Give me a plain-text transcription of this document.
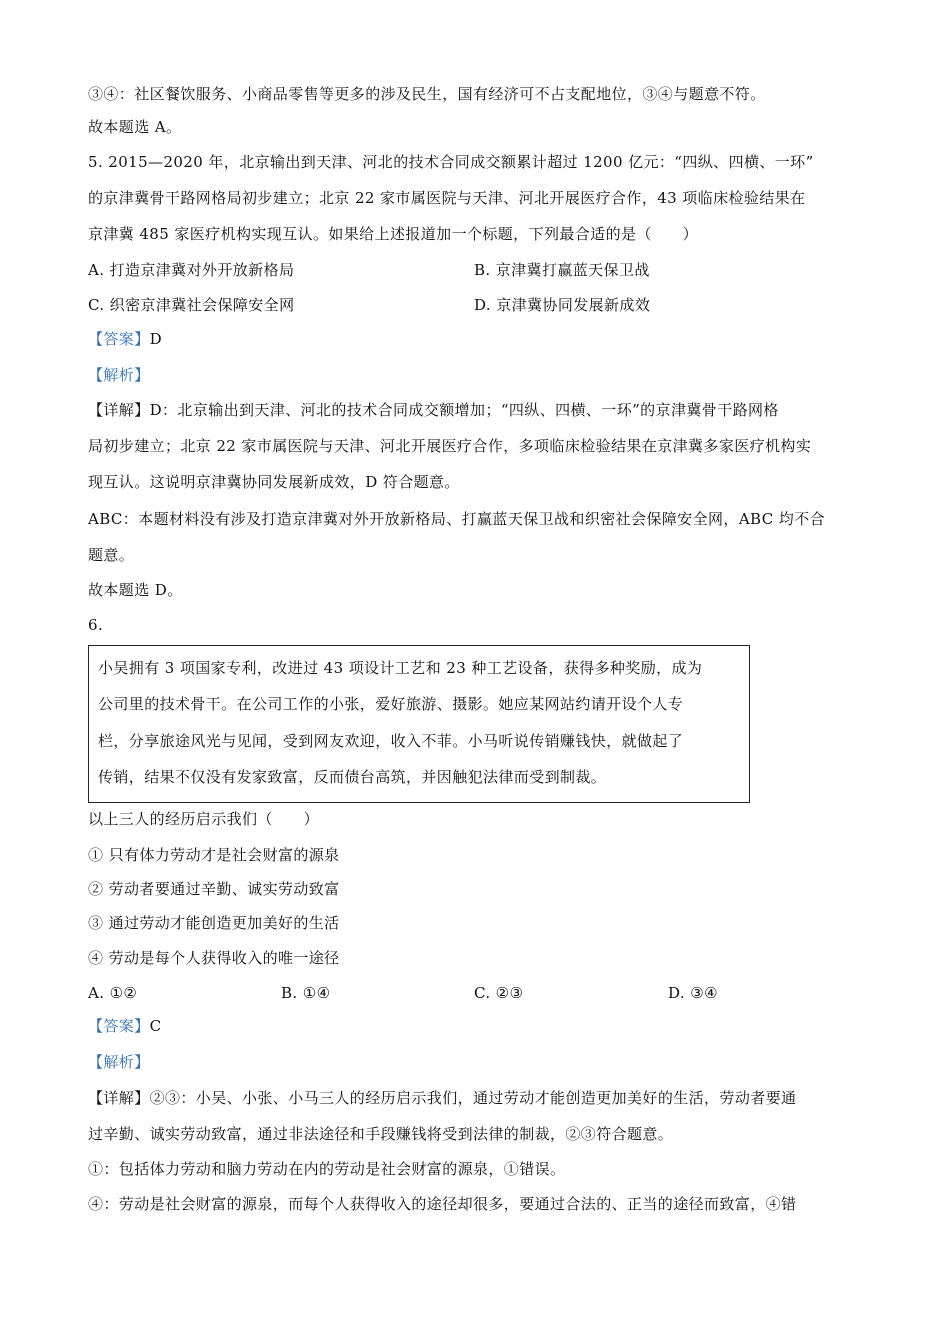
③④：社区餐饮服务、小商品零售等更多的涉及民生，国有经济可不占支配地位，③④与题意不符。
故本题选 A。
5. 2015—2020 年，北京输出到天津、河北的技术合同成交额累计超过 1200 亿元：“四纵、四横、一环”
的京津冀骨干路网格局初步建立；北京 22 家市属医院与天津、河北开展医疗合作，43 项临床检验结果在
京津冀 485 家医疗机构实现互认。如果给上述报道加一个标题，下列最合适的是（　　）
A. 打造京津冀对外开放新格局	B. 京津冀打赢蓝天保卫战
C. 织密京津冀社会保障安全网	D. 京津冀协同发展新成效
【答案】D
【解析】
【详解】D：北京输出到天津、河北的技术合同成交额增加；“四纵、四横、一环”的京津冀骨干路网格
局初步建立；北京 22 家市属医院与天津、河北开展医疗合作，多项临床检验结果在京津冀多家医疗机构实
现互认。这说明京津冀协同发展新成效，D 符合题意。
ABC：本题材料没有涉及打造京津冀对外开放新格局、打赢蓝天保卫战和织密社会保障安全网，ABC 均不合
题意。
故本题选 D。
6.
小吴拥有 3 项国家专利，改进过 43 项设计工艺和 23 种工艺设备，获得多种奖励，成为
公司里的技术骨干。在公司工作的小张，爱好旅游、摄影。她应某网站约请开设个人专
栏，分享旅途风光与见闻，受到网友欢迎，收入不菲。小马听说传销赚钱快，就做起了
传销，结果不仅没有发家致富，反而债台高筑，并因触犯法律而受到制裁。
以上三人的经历启示我们（　　）
① 只有体力劳动才是社会财富的源泉
② 劳动者要通过辛勤、诚实劳动致富
③ 通过劳动才能创造更加美好的生活
④ 劳动是每个人获得收入的唯一途径
A. ①②	B. ①④	C. ②③	D. ③④
【答案】C
【解析】
【详解】②③：小吴、小张、小马三人的经历启示我们，通过劳动才能创造更加美好的生活，劳动者要通
过辛勤、诚实劳动致富，通过非法途径和手段赚钱将受到法律的制裁，②③符合题意。
①：包括体力劳动和脑力劳动在内的劳动是社会财富的源泉，①错误。
④：劳动是社会财富的源泉，而每个人获得收入的途径却很多，要通过合法的、正当的途径而致富，④错
